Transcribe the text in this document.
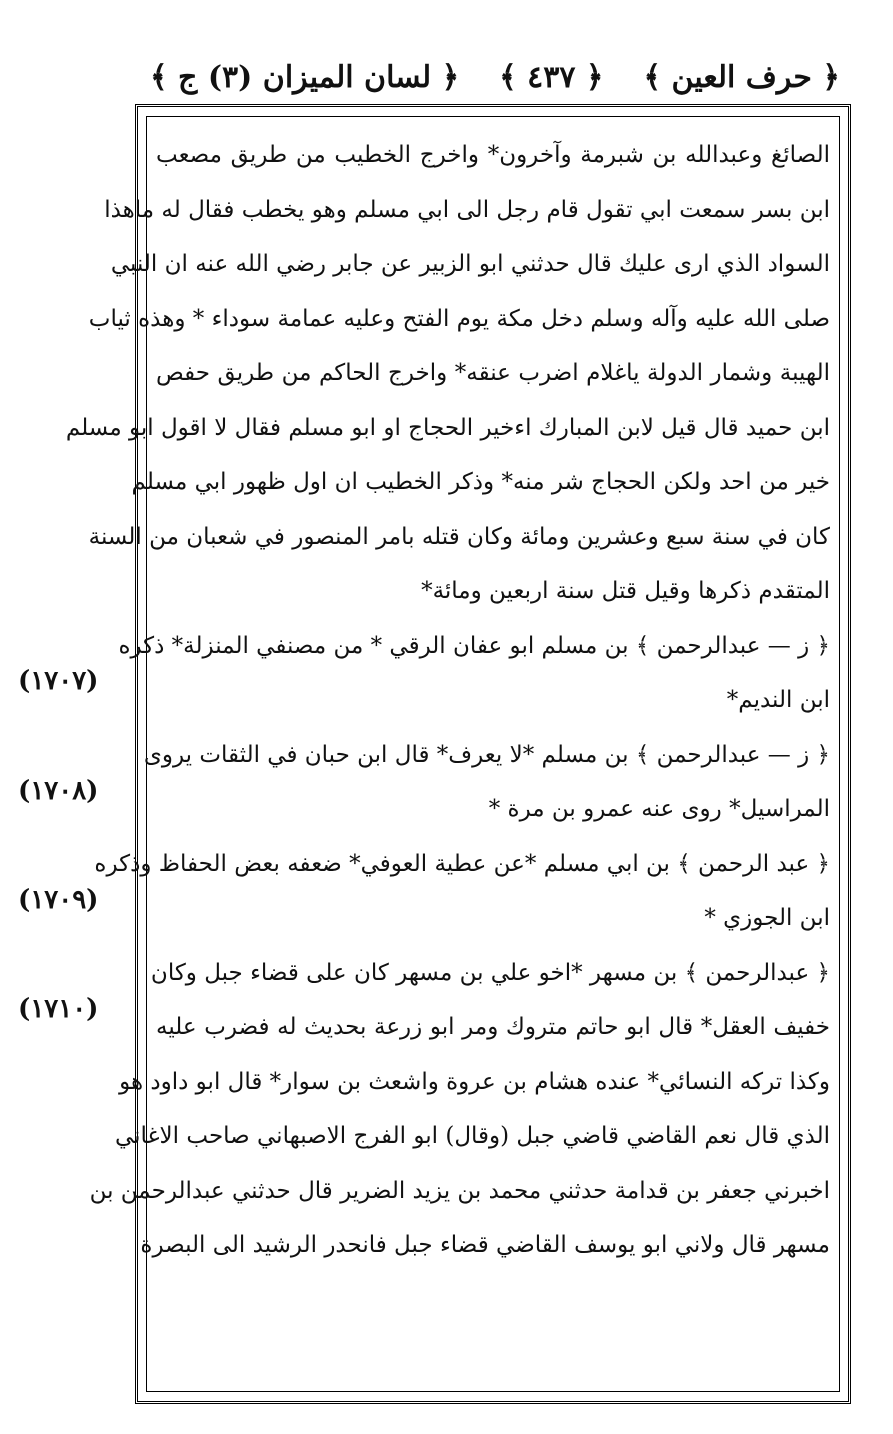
﴿ حرف العين ﴾
﴿ ٤٣٧ ﴾
﴿ لسان الميزان (٣) ج ﴾
الصائغ وعبدالله بن شبرمة وآخرون* واخرج الخطيب من طريق مصعب
ابن بسر سمعت ابي تقول قام رجل الى ابي مسلم وهو يخطب فقال له ماهذا
السواد الذي ارى عليك قال حدثني ابو الزبير عن جابر رضي الله عنه ان النبي
صلى الله عليه وآله وسلم دخل مكة يوم الفتح وعليه عمامة سوداء * وهذه ثياب
الهيبة وشمار الدولة ياغلام اضرب عنقه* واخرج الحاكم من طريق حفص
ابن حميد قال قيل لابن المبارك اءخير الحجاج او ابو مسلم فقال لا اقول ابو مسلم
خير من احد ولكن الحجاج شر منه* وذكر الخطيب ان اول ظهور ابي مسلم
كان في سنة سبع وعشرين ومائة وكان قتله بامر المنصور في شعبان من السنة
المتقدم ذكرها وقيل قتل سنة اربعين ومائة*
﴿ ز — عبدالرحمن ﴾ بن مسلم ابو عفان الرقي * من مصنفي المنزلة* ذكره
ابن النديم*
﴿ ز — عبدالرحمن ﴾ بن مسلم *لا يعرف* قال ابن حبان في الثقات يروى
المراسيل* روى عنه عمرو بن مرة *
﴿ عبد الرحمن ﴾ بن ابي مسلم *عن عطية العوفي* ضعفه بعض الحفاظ وذكره
ابن الجوزي *
﴿ عبدالرحمن ﴾ بن مسهر *اخو علي بن مسهر كان على قضاء جبل وكان
خفيف العقل* قال ابو حاتم متروك ومر ابو زرعة بحديث له فضرب عليه
وكذا تركه النسائي* عنده هشام بن عروة واشعث بن سوار* قال ابو داود هو
الذي قال نعم القاضي قاضي جبل (وقال) ابو الفرج الاصبهاني صاحب الاغاني
اخبرني جعفر بن قدامة حدثني محمد بن يزيد الضرير قال حدثني عبدالرحمن بن
مسهر قال ولاني ابو يوسف القاضي قضاء جبل فانحدر الرشيد الى البصرة
(١٧٠٧)
(١٧٠٨)
(١٧٠٩)
(١٧١٠)
